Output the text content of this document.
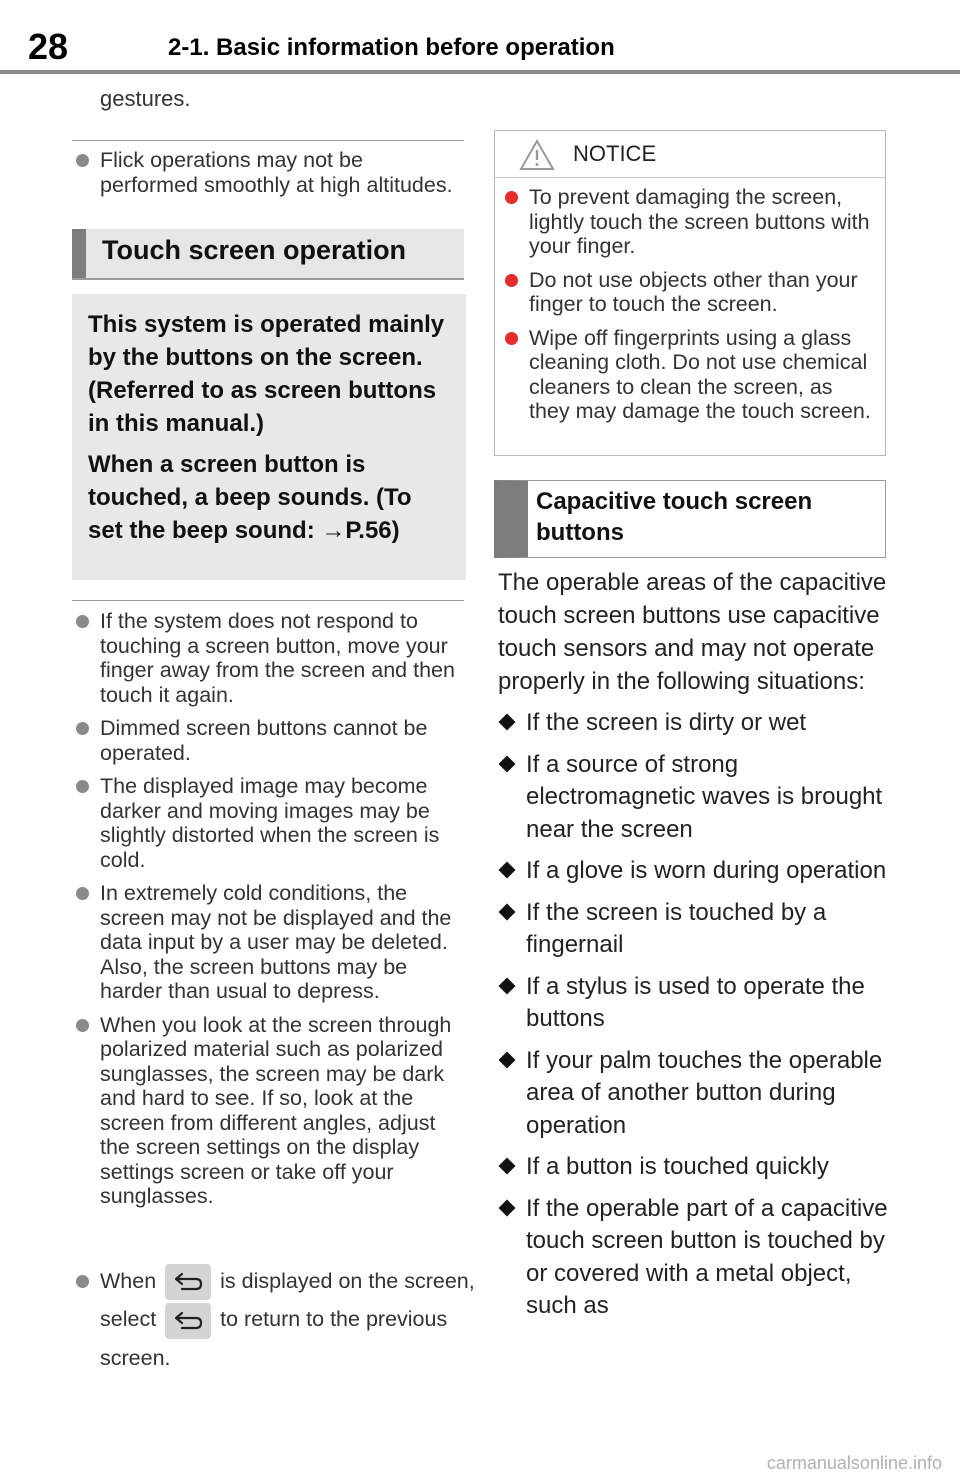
28	2-1. Basic information before operation
gestures.
Flick operations may not be performed smoothly at high altitudes.
Touch screen operation

This system is operated mainly by the buttons on the screen. (Referred to as screen buttons in this manual.)

When a screen button is touched, a beep sounds. (To set the beep sound: →P.56)

If the system does not respond to touching a screen button, move your finger away from the screen and then touch it again.
Dimmed screen buttons cannot be operated.
The displayed image may become darker and moving images may be slightly distorted when the screen is cold.
In extremely cold conditions, the screen may not be displayed and the data input by a user may be deleted. Also, the screen buttons may be harder than usual to depress.
When you look at the screen through polarized material such as polarized sunglasses, the screen may be dark and hard to see. If so, look at the screen from different angles, adjust the screen settings on the display settings screen or take off your sunglasses.
When	is displayed on the screen, select	to return to the previous screen.
NOTICE
To prevent damaging the screen, lightly touch the screen buttons with your finger.
Do not use objects other than your finger to touch the screen.
Wipe off fingerprints using a glass cleaning cloth. Do not use chemical cleaners to clean the screen, as they may damage the touch screen.
Capacitive touch screen buttons
The operable areas of the capacitive touch screen buttons use capacitive touch sensors and may not operate properly in the following situations:
If the screen is dirty or wet
If a source of strong electromagnetic waves is brought near the screen
If a glove is worn during operation
If the screen is touched by a fingernail
If a stylus is used to operate the buttons
If your palm touches the operable area of another button during operation
If a button is touched quickly
If the operable part of a capacitive touch screen button is touched by or covered with a metal object, such as
carmanualsonline.info
